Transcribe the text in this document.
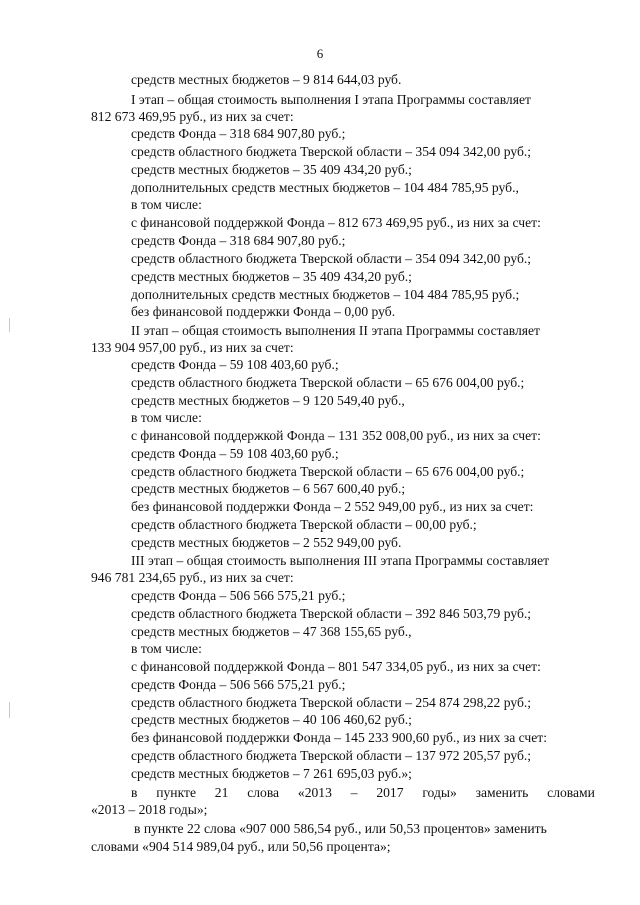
6
средств местных бюджетов – 9 814 644,03 руб.
I этап – общая стоимость выполнения I этапа Программы составляет
812 673 469,95 руб., из них за счет:
средств Фонда – 318 684 907,80 руб.;
средств областного бюджета Тверской области – 354 094 342,00 руб.;
средств местных бюджетов – 35 409 434,20 руб.;
дополнительных средств местных бюджетов – 104 484 785,95 руб.,
в том числе:
с финансовой поддержкой Фонда – 812 673 469,95 руб., из них за счет:
средств Фонда – 318 684 907,80 руб.;
средств областного бюджета Тверской области – 354 094 342,00 руб.;
средств местных бюджетов – 35 409 434,20 руб.;
дополнительных средств местных бюджетов – 104 484 785,95 руб.;
без финансовой поддержки Фонда – 0,00 руб.
II этап – общая стоимость выполнения II этапа Программы составляет
133 904 957,00 руб., из них за счет:
средств Фонда – 59 108 403,60 руб.;
средств областного бюджета Тверской области – 65 676 004,00 руб.;
средств местных бюджетов – 9 120 549,40 руб.,
в том числе:
с финансовой поддержкой Фонда – 131 352 008,00 руб., из них за счет:
средств Фонда – 59 108 403,60 руб.;
средств областного бюджета Тверской области – 65 676 004,00 руб.;
средств местных бюджетов – 6 567 600,40 руб.;
без финансовой поддержки Фонда – 2 552 949,00 руб., из них за счет:
средств областного бюджета Тверской области – 00,00 руб.;
средств местных бюджетов – 2 552 949,00 руб.
III этап – общая стоимость выполнения III этапа Программы составляет
946 781 234,65 руб., из них за счет:
средств Фонда – 506 566 575,21 руб.;
средств областного бюджета Тверской области – 392 846 503,79 руб.;
средств местных бюджетов – 47 368 155,65 руб.,
в том числе:
с финансовой поддержкой Фонда – 801 547 334,05 руб., из них за счет:
средств Фонда – 506 566 575,21 руб.;
средств областного бюджета Тверской области – 254 874 298,22 руб.;
средств местных бюджетов – 40 106 460,62 руб.;
без финансовой поддержки Фонда – 145 233 900,60 руб., из них за счет:
средств областного бюджета Тверской области – 137 972 205,57 руб.;
средств местных бюджетов – 7 261 695,03 руб.»;
в пункте 21 слова «2013 – 2017 годы» заменить словами
«2013 – 2018 годы»;
в пункте 22 слова «907 000 586,54 руб., или 50,53 процентов» заменить
словами «904 514 989,04 руб., или 50,56 процента»;
